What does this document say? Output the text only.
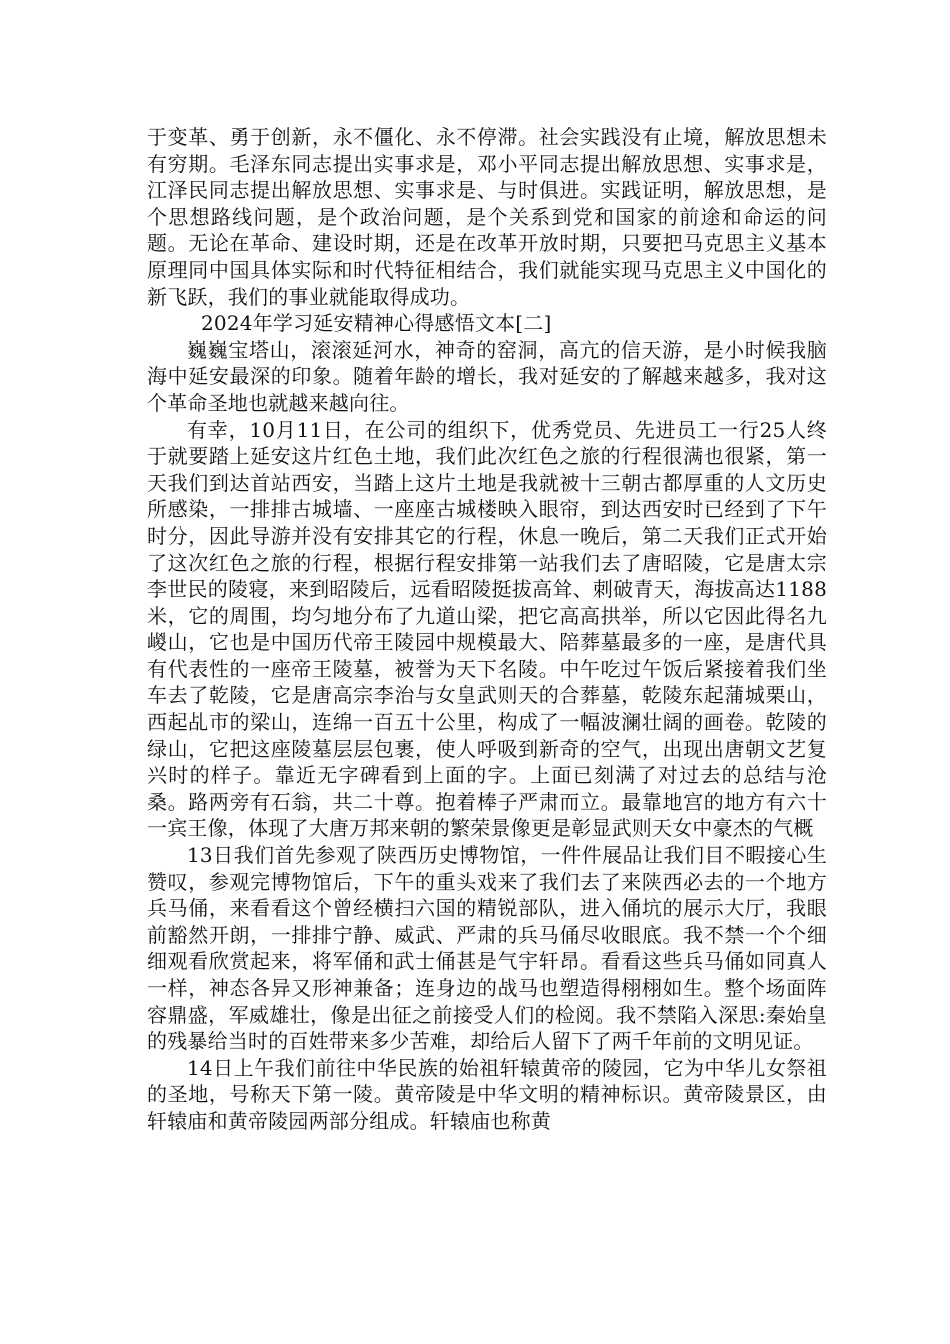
于变革、勇于创新，永不僵化、永不停滞。社会实践没有止境，解放思想未有穷期。毛泽东同志提出实事求是，邓小平同志提出解放思想、实事求是，江泽民同志提出解放思想、实事求是、与时俱进。实践证明，解放思想，是个思想路线问题，是个政治问题，是个关系到党和国家的前途和命运的问题。无论在革命、建设时期，还是在改革开放时期，只要把马克思主义基本原理同中国具体实际和时代特征相结合，我们就能实现马克思主义中国化的新飞跃，我们的事业就能取得成功。

2024年学习延安精神心得感悟文本[二]

巍巍宝塔山，滚滚延河水，神奇的窑洞，高亢的信天游，是小时候我脑海中延安最深的印象。随着年龄的增长，我对延安的了解越来越多，我对这个革命圣地也就越来越向往。

有幸，10月11日，在公司的组织下，优秀党员、先进员工一行25人终于就要踏上延安这片红色土地，我们此次红色之旅的行程很满也很紧，第一天我们到达首站西安，当踏上这片土地是我就被十三朝古都厚重的人文历史所感染，一排排古城墙、一座座古城楼映入眼帘，到达西安时已经到了下午时分，因此导游并没有安排其它的行程，休息一晚后，第二天我们正式开始了这次红色之旅的行程，根据行程安排第一站我们去了唐昭陵，它是唐太宗李世民的陵寝，来到昭陵后，远看昭陵挺拔高耸、刺破青天，海拔高达1188米，它的周围，均匀地分布了九道山梁，把它高高拱举，所以它因此得名九嵕山，它也是中国历代帝王陵园中规模最大、陪葬墓最多的一座，是唐代具有代表性的一座帝王陵墓，被誉为天下名陵。中午吃过午饭后紧接着我们坐车去了乾陵，它是唐高宗李治与女皇武则天的合葬墓，乾陵东起蒲城栗山，西起乩市的梁山，连绵一百五十公里，构成了一幅波澜壮阔的画卷。乾陵的绿山，它把这座陵墓层层包裹，使人呼吸到新奇的空气，出现出唐朝文艺复兴时的样子。靠近无字碑看到上面的字。上面已刻满了对过去的总结与沧桑。路两旁有石翁，共二十尊。抱着棒子严肃而立。最靠地宫的地方有六十一宾王像，体现了大唐万邦来朝的繁荣景像更是彰显武则天女中豪杰的气概

13日我们首先参观了陕西历史博物馆，一件件展品让我们目不暇接心生赞叹，参观完博物馆后，下午的重头戏来了我们去了来陕西必去的一个地方兵马俑，来看看这个曾经横扫六国的精锐部队，进入俑坑的展示大厅，我眼前豁然开朗，一排排宁静、威武、严肃的兵马俑尽收眼底。我不禁一个个细细观看欣赏起来，将军俑和武士俑甚是气宇轩昂。看看这些兵马俑如同真人一样，神态各异又形神兼备；连身边的战马也塑造得栩栩如生。整个场面阵容鼎盛，军威雄壮，像是出征之前接受人们的检阅。我不禁陷入深思:秦始皇的残暴给当时的百姓带来多少苦难，却给后人留下了两千年前的文明见证。

14日上午我们前往中华民族的始祖轩辕黄帝的陵园，它为中华儿女祭祖的圣地，号称天下第一陵。黄帝陵是中华文明的精神标识。黄帝陵景区，由轩辕庙和黄帝陵园两部分组成。轩辕庙也称黄
